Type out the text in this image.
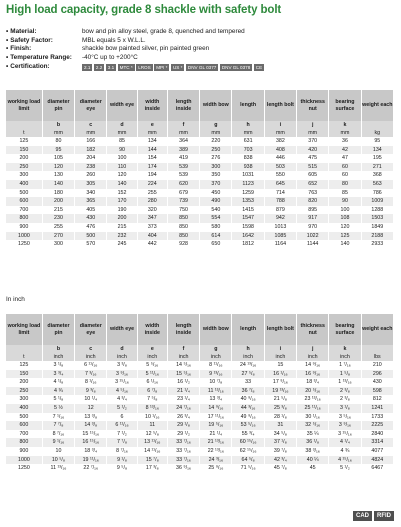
High load capacity, grade 8 shackle with safety bolt
• Material:	bow and pin alloy steel, grade 8, quenched and tempered
• Safety Factor:	MBL equals 5 x W.L.L.
• Finish:	shackle bow painted silver, pin painted green
• Temperature Range:	-40°C up to +200°C
• Certification:	2.1	2.2	3.1	MTC *	LROS	MPI *	US *	DNV GL 0377	DNV GL 0378	CE
working load limit	diameter pin	diameter eye	width eye	width inside	length inside	width bow	length	length bolt	thickness nut	bearing surface	weight each
	b	c	d	e	f	g	h	i	j	k	
t	mm	mm	mm	mm	mm	mm	mm	mm	mm	mm	kg
125	80	166	85	134	364	220	631	382	370	36	95
150	95	182	90	144	389	250	703	408	420	42	134
200	105	204	100	154	419	276	838	446	475	47	195
250	120	238	110	174	539	300	938	503	515	60	271
300	130	260	120	194	539	350	1031	550	605	60	368
400	140	305	140	224	620	370	1123	645	652	80	563
500	180	340	152	255	679	450	1259	714	763	85	786
600	200	365	170	280	739	490	1353	788	820	90	1009
700	215	405	190	320	750	540	1415	879	895	100	1288
800	230	430	200	347	850	554	1547	942	917	108	1503
900	255	476	215	373	850	580	1598	1013	970	120	1849
1000	270	500	232	404	850	614	1642	1085	1022	125	2188
1250	300	570	245	442	928	650	1812	1164	1144	140	2933
In inch
working load limit	diameter pin	diameter eye	width eye	width inside	length inside	width bow	length	length bolt	thickness nut	bearing surface	weight each
	b	c	d	e	f	g	h	i	j	k	
t	inch	inch	inch	inch	inch	inch	inch	inch	inch	inch	lbs
125	3 ¹/₈	6 ¹¹/₁₆	3 ³/₈	5 ⁵/₁₆	14 ⁵/₁₆	8 ¹¹/₁₆	24 ¹³/₁₆	15	14 ⁹/₁₆	1 ⁷/₁₆	210
150	3 ³/₄	7 ³/₁₆	3 ⁹/₁₆	5 ¹¹/₁₆	15 ⁵/₁₆	9 ¹³/₁₆	27 ⁵/₈	16 ¹/₁₆	16 ⁹/₁₆	1 ⁵/₈	296
200	4 ¹/₈	8 ¹/₁₆	3 ¹⁵/₁₆	6 ¹/₁₆	16 ¹/₂	10 ⁷/₈	33	17 ⁹/₁₆	18 ³/₄	1 ¹³/₁₆	430
250	4 ¾	9 ³/₈	4 ⁵/₁₆	6 ⁷/₈	21 ¹/₄	11 ¹³/₁₆	36 ⁷/₈	19 ¹³/₁₆	20 ⁵/₁₆	2 ³/₈	598
300	5 ¹/₈	10 ¹/₄	4 ³/₄	7 ⁵/₈	23 ¹/₄	13 ³/₄	40 ⁹/₁₆	21 ⁵/₈	23 ¹³/₁₆	2 ³/₈	812
400	5 ½	12	5 ¹/₂	8 ¹³/₁₆	24 ⁷/₁₆	14 ⁹/₁₆	44 ³/₁₆	25 ³/₈	25 ¹¹/₁₆	3 ¹/₈	1241
500	7 ¹/₁₆	13 ³/₈	6	10 ¹/₁₆	26 ³/₄	17 ¹¹/₁₆	49 ⁹/₁₆	28 ¹/₈	30 ¹/₁₆	3 ⁵/₁₆	1733
600	7 ⁷/₈	14 ³/₈	6 ¹¹/₁₆	11	29 ¹/₈	19 ⁵/₁₆	53 ⁵/₁₆	31	32 ⁵/₁₆	3 ⁹/₁₆	2225
700	8 ⁷/₁₆	15 ¹⁵/₁₆	7 ¹/₂	12 ⁵/₈	29 ¹/₂	21 ¹/₄	55 ³/₄	34 ⁵/₈	35 ¼	3 ¹⁵/₁₆	2840
800	9 ¹/₁₆	16 ¹⁵/₁₆	7 ⁷/₈	13 ¹¹/₁₆	33 ⁷/₁₆	21 ¹³/₁₆	60 ¹⁵/₁₆	37 ¹/₈	36 ¹/₈	4 ¹/₄	3314
900	10	18 ³/₄	8 ⁷/₁₆	14 ¹¹/₁₆	33 ⁷/₁₆	22 ¹³/₁₆	62 ¹⁵/₁₆	39 ⁷/₈	38 ³/₁₆	4 ¾	4077
1000	10 ⁵/₈	19 ¹¹/₁₆	9 ¹/₈	15 ⁷/₈	33 ⁷/₁₆	24 ³/₁₆	64 ⁵/₈	42 ³/₄	40 ¼	4 ¹⁵/₁₆	4824
1250	11 ¹³/₁₆	22 ⁷/₁₆	9 ⁵/₈	17 ³/₈	36 ⁹/₁₆	25 ⁹/₁₆	71 ⁵/₁₆	45 ⁷/₈	45	5 ¹/₂	6467
CAD	RFID
